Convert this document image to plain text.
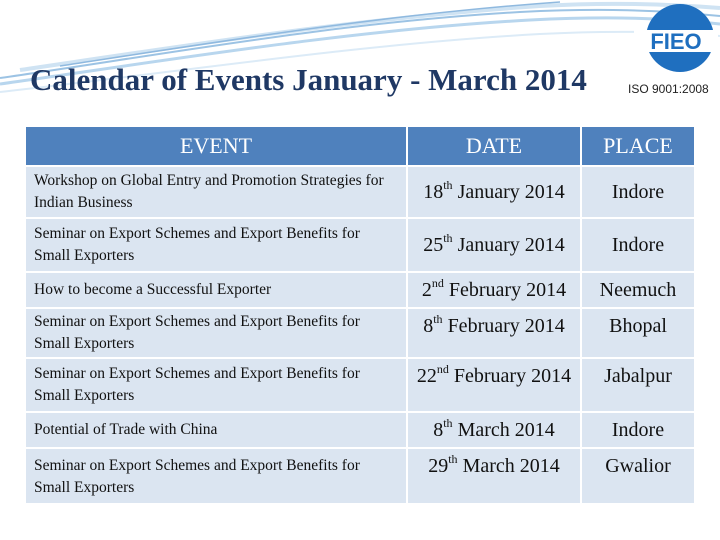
Calendar of Events January - March 2014
FIEO
ISO 9001:2008
EVENT	DATE	PLACE
Workshop on Global Entry and Promotion Strategies for Indian Business	18th January 2014	Indore
Seminar on Export Schemes and Export Benefits for Small Exporters	25th January 2014	Indore
How to become a Successful Exporter	2nd February 2014	Neemuch
Seminar on Export Schemes and Export Benefits for Small Exporters	8th February 2014	Bhopal
Seminar on Export Schemes and Export Benefits for Small Exporters	22nd February 2014	Jabalpur
Potential of Trade with China	8th March 2014	Indore
Seminar on Export Schemes and Export Benefits for Small Exporters	29th March 2014	Gwalior
